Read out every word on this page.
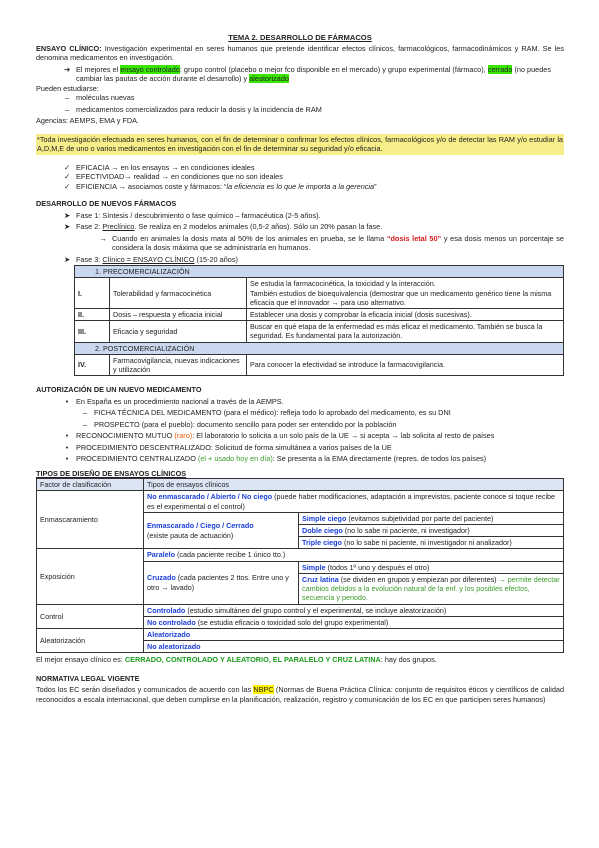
TEMA 2. DESARROLLO DE FÁRMACOS

ENSAYO CLÍNICO: Investigación experimental en seres humanos que pretende identificar efectos clínicos, farmacológicos, farmacodinámicos y RAM. Se les denomina medicamentos en investigación.

➔ El mejores el ensayo controlado: grupo control (placebo o mejor fco disponible en el mercado) y grupo experimental (fármaco), cerrado (no puedes cambiar las pautas de acción durante el desarrollo) y aleatorizado

Pueden estudiarse:

– moléculas nuevas
– medicamentos comercializados para reducir la dosis y la incidencia de RAM

Agencias: AEMPS, EMA y FDA.

*Toda investigación efectuada en seres humanos, con el fin de determinar o confirmar los efectos clínicos, farmacológicos y/o de detectar las RAM y/o estudiar la A,D,M,E de uno o varios medicamentos en investigación con el fin de determinar su seguridad y/o eficacia.
✓ EFICACIA → en los ensayos → en condiciones ideales
✓ EFECTIVIDAD→ realidad → en condiciones que no son ideales
✓ EFICIENCIA → asociamos coste y fármacos: “la eficiencia es lo que le importa a la gerencia”
DESARROLLO DE NUEVOS FÁRMACOS
➤ Fase 1: Síntesis / descubrimiento o fase químico – farmacéutica (2-5 años).
➤ Fase 2: Preclínico. Se realiza en 2 modelos animales (0,5-2 años). Sólo un 20% pasan la fase.
→ Cuando en animales la dosis mata al 50% de los animales en prueba, se le llama “dosis letal 50” y esa dosis menos un porcentaje se considera la dosis máxima que se administraría en humanos.
➤ Fase 3: Clínico = ENSAYO CLÍNICO (15-20 años)
1. PRECOMERCIALIZACIÓN		
I.	Tolerabilidad y farmacocinética	Se estudia la farmacocinética, la toxicidad y la interacción.
También estudios de bioequivalencia (demostrar que un medicamento genérico tiene la misma eficacia que el innovador → para uso alternativo.
II.	Dosis – respuesta y eficacia inicial	Establecer una dosis y comprobar la eficacia inicial (dosis sucesivas).
III.	Eficacia y seguridad	Buscar en qué etapa de la enfermedad es más eficaz el medicamento. También se busca la seguridad. Es fundamental para la autorización.
2. POSTCOMERCIALIZACIÓN		
IV.	Farmacovigilancia, nuevas indicaciones y utilización	Para conocer la efectividad se introduce la farmacovigilancia.
AUTORIZACIÓN DE UN NUEVO MEDICAMENTO
•	En España es un procedimiento nacional a través de la AEMPS.
– FICHA TÉCNICA DEL MEDICAMENTO (para el médico): refleja todo lo aprobado del medicamento, es su DNI
– PROSPECTO (para el pueblo): documento sencillo para poder ser entendido por la población
•	RECONOCIMIENTO MUTUO (raro): El laboratorio lo solicita a un solo país de la UE → si acepta → lab solicita al resto de países
•	PROCEDIMIENTO DESCENTRALIZADO: Solicitud de forma simultánea a varios países de la UE
•	PROCEDIMIENTO CENTRALIZADO (el + usado hoy en día): Se presenta a la EMA directamente (repres. de todos los países)
TIPOS DE DISEÑO DE ENSAYOS CLÍNICOS
Factor de clasificación	Tipos de ensayos clínicos	
Enmascaramiento	No enmascarado / Abierto / No ciego (puede haber modificaciones, adaptación a imprevistos, paciente conoce si toque recibe es el experimental o el control)	
	Enmascarado / Ciego / Cerrado
(existe pauta de actuación)	Simple ciego (evitamos subjetividad por parte del paciente)
		Doble ciego (no lo sabe ni paciente, ni investigador)
		Triple ciego (no lo sabe ni paciente, ni investigador ni analizador)
Exposición	Paralelo (cada paciente recibe 1 único tto.)	
	Cruzado (cada pacientes 2 ttos. Entre uno y otro → lavado)	Simple (todos 1º uno y después el otro)
		Cruz latina (se dividen en grupos y empiezan por diferentes) → permite detectar cambios debidos a la evolución natural de la enf. y los posibles efectos, secuencia y periodo.
Control	Controlado (estudio simultáneo del grupo control y el experimental, se incluye aleatorización)	
	No controlado (se estudia eficacia o toxicidad solo del grupo experimental)	
Aleatorización	Aleatorizado	
	No aleatorizado	

El mejor ensayo clínico es: CERRADO, CONTROLADO Y ALEATORIO, EL PARALELO Y CRUZ LATINA: hay dos grupos.

NORMATIVA LEGAL VIGENTE

Todos los EC serán diseñados y comunicados de acuerdo con las NBPC (Normas de Buena Práctica Clínica: conjunto de requisitos éticos y científicos de calidad reconocidos a escala internacional, que deben cumplirse en la planificación, realización, registro y comunicación de los EC en que participen seres humanos)
